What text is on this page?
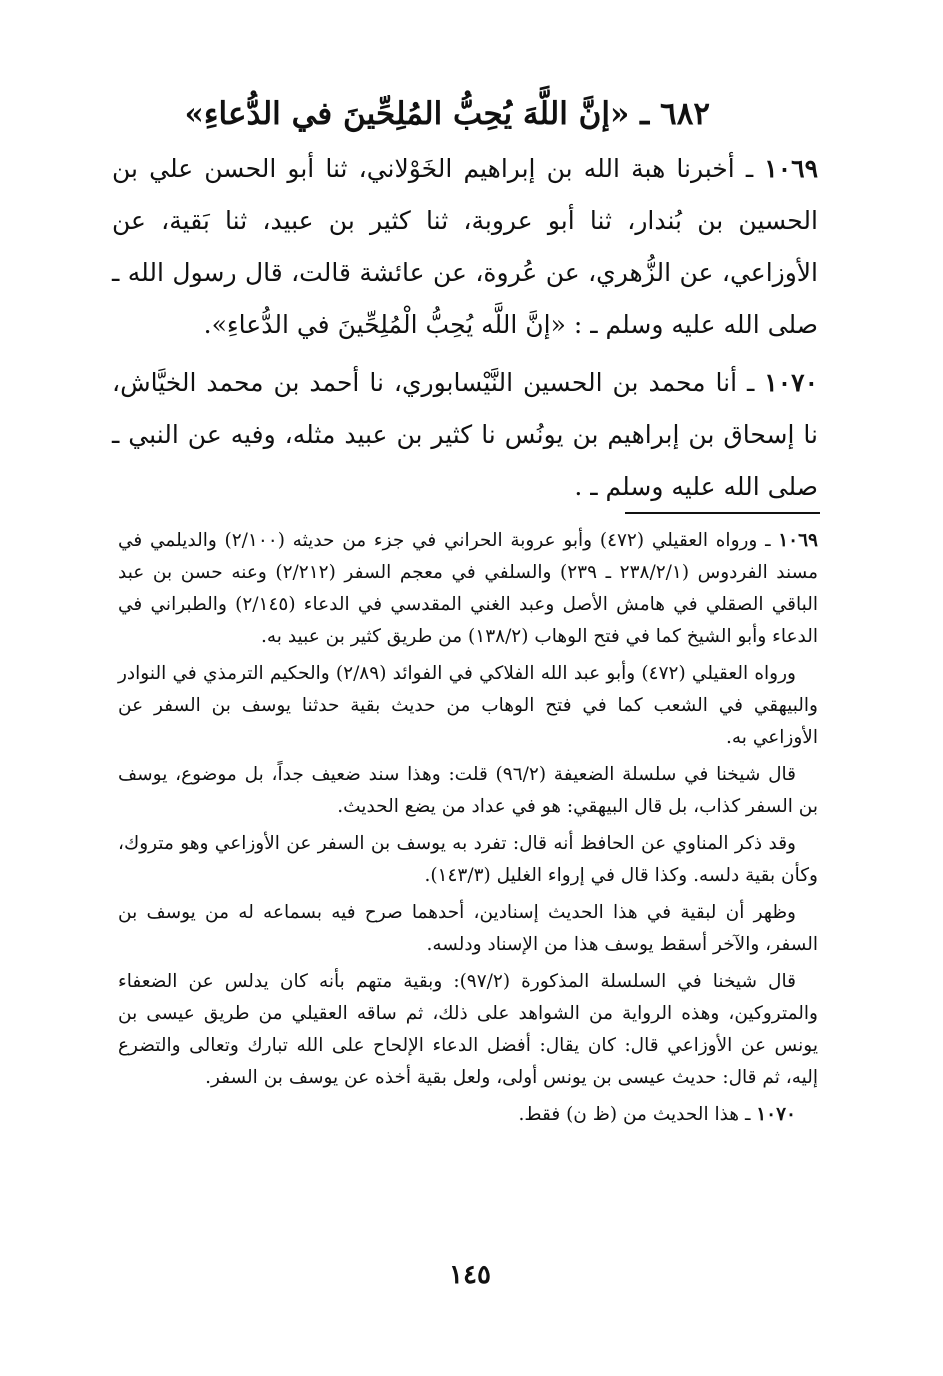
٦٨٢ ـ «إنَّ اللَّهَ يُحِبُّ المُلِحِّينَ في الدُّعاءِ»

١٠٦٩ ـ أخبرنا هبة الله بن إبراهيم الخَوْلاني، ثنا أبو الحسن علي بن الحسين بن بُندار، ثنا أبو عروبة، ثنا كثير بن عبيد، ثنا بَقية، عن الأوزاعي، عن الزُّهري، عن عُروة، عن عائشة قالت، قال رسول الله ـ صلى الله عليه وسلم ـ : «إنَّ اللَّه يُحِبُّ الْمُلِحِّينَ في الدُّعاءِ».

١٠٧٠ ـ أنا محمد بن الحسين النَّيْسابوري، نا أحمد بن محمد الخيَّاش، نا إسحاق بن إبراهيم بن يونُس نا كثير بن عبيد مثله، وفيه عن النبي ـ صلى الله عليه وسلم ـ .

١٠٦٩ ـ ورواه العقيلي (٤٧٢) وأبو عروبة الحراني في جزء من حديثه (٢/١٠٠) والديلمي في مسند الفردوس (٢٣٨/٢/١ ـ ٢٣٩) والسلفي في معجم السفر (٢/٢١٢) وعنه حسن بن عبد الباقي الصقلي في هامش الأصل وعبد الغني المقدسي في الدعاء (٢/١٤٥) والطبراني في الدعاء وأبو الشيخ كما في فتح الوهاب (١٣٨/٢) من طريق كثير بن عبيد به.

ورواه العقيلي (٤٧٢) وأبو عبد الله الفلاكي في الفوائد (٢/٨٩) والحكيم الترمذي في النوادر والبيهقي في الشعب كما في فتح الوهاب من حديث بقية حدثنا يوسف بن السفر عن الأوزاعي به.

قال شيخنا في سلسلة الضعيفة (٩٦/٢) قلت: وهذا سند ضعيف جداً، بل موضوع، يوسف بن السفر كذاب، بل قال البيهقي: هو في عداد من يضع الحديث.

وقد ذكر المناوي عن الحافظ أنه قال: تفرد به يوسف بن السفر عن الأوزاعي وهو متروك، وكأن بقية دلسه. وكذا قال في إرواء الغليل (١٤٣/٣).

وظهر أن لبقية في هذا الحديث إسنادين، أحدهما صرح فيه بسماعه له من يوسف بن السفر، والآخر أسقط يوسف هذا من الإسناد ودلسه.

قال شيخنا في السلسلة المذكورة (٩٧/٢): وبقية متهم بأنه كان يدلس عن الضعفاء والمتروكين، وهذه الرواية من الشواهد على ذلك، ثم ساقه العقيلي من طريق عيسى بن يونس عن الأوزاعي قال: كان يقال: أفضل الدعاء الإلحاح على الله تبارك وتعالى والتضرع إليه، ثم قال: حديث عيسى بن يونس أولى، ولعل بقية أخذه عن يوسف بن السفر.

١٠٧٠ ـ هذا الحديث من (ظ ن) فقط.

١٤٥
